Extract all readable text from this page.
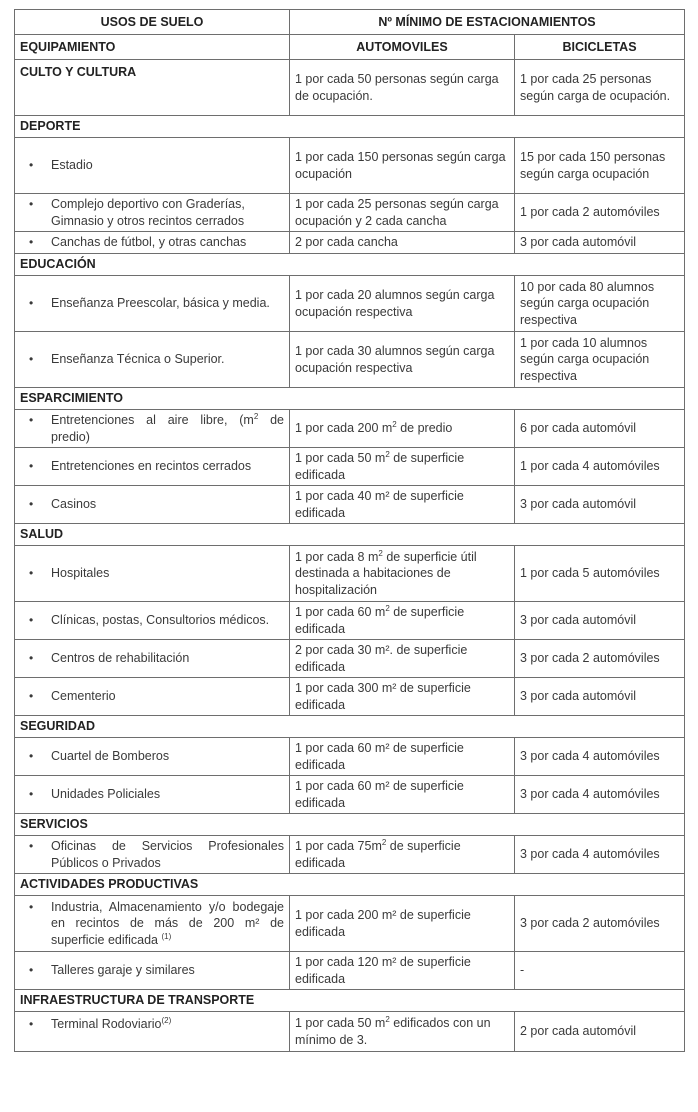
USOS DE SUELO	Nº MÍNIMO DE ESTACIONAMIENTOS	
EQUIPAMIENTO	AUTOMOVILES	BICICLETAS
CULTO Y CULTURA	1 por cada 50 personas según carga de ocupación.	1 por cada 25 personas según carga de ocupación.
DEPORTE		

• Estadio	1 por cada 150 personas según carga ocupación	15 por cada 150 personas según carga ocupación

• Complejo deportivo con Graderías, Gimnasio y otros recintos cerrados	1 por cada 25 personas según carga ocupación y 2 cada cancha	1 por cada 2 automóviles

• Canchas de fútbol, y otras canchas	2 por cada cancha	3 por cada automóvil
EDUCACIÓN		

• Enseñanza Preescolar, básica y media.	1 por cada 20 alumnos según carga ocupación respectiva	10 por cada 80 alumnos según carga ocupación respectiva

• Enseñanza Técnica o Superior.	1 por cada 30 alumnos según carga ocupación respectiva	1 por cada 10 alumnos según carga ocupación respectiva
ESPARCIMIENTO		

• Entretenciones al aire libre, ($m^2$ de predio)	1 por cada 200 $m^2$ de predio	6 por cada automóvil

• Entretenciones en recintos cerrados	1 por cada 50 $m^2$ de superficie edificada	1 por cada 4 automóviles

• Casinos	1 por cada 40 m² de superficie edificada	3 por cada automóvil
SALUD		

• Hospitales	1 por cada 8 $m^2$ de superficie útil destinada a habitaciones de hospitalización	1 por cada 5 automóviles

• Clínicas, postas, Consultorios médicos.	1 por cada 60 $m^2$ de superficie edificada	3 por cada automóvil

• Centros de rehabilitación	2 por cada 30 m². de superficie edificada	3 por cada 2 automóviles

• Cementerio	1 por cada 300 m² de superficie edificada	3 por cada automóvil
SEGURIDAD		

• Cuartel de Bomberos	1 por cada 60 m² de superficie edificada	3 por cada 4 automóviles

• Unidades Policiales	1 por cada 60 m² de superficie edificada	3 por cada 4 automóviles
SERVICIOS		

• Oficinas de Servicios Profesionales Públicos o Privados	1 por cada $75m^2$ de superficie edificada	3 por cada 4 automóviles
ACTIVIDADES PRODUCTIVAS		

• Industria, Almacenamiento y/o bodegaje en recintos de más de 200 m² de superficie edificada $^{(1)}$	1 por cada 200 m² de superficie edificada	3 por cada 2 automóviles

• Talleres garaje y similares	1 por cada 120 m² de superficie edificada	-
INFRAESTRUCTURA DE TRANSPORTE		

• Terminal Rodoviario$^{(2)}$	1 por cada 50 $m^2$ edificados con un mínimo de 3.	2 por cada automóvil
